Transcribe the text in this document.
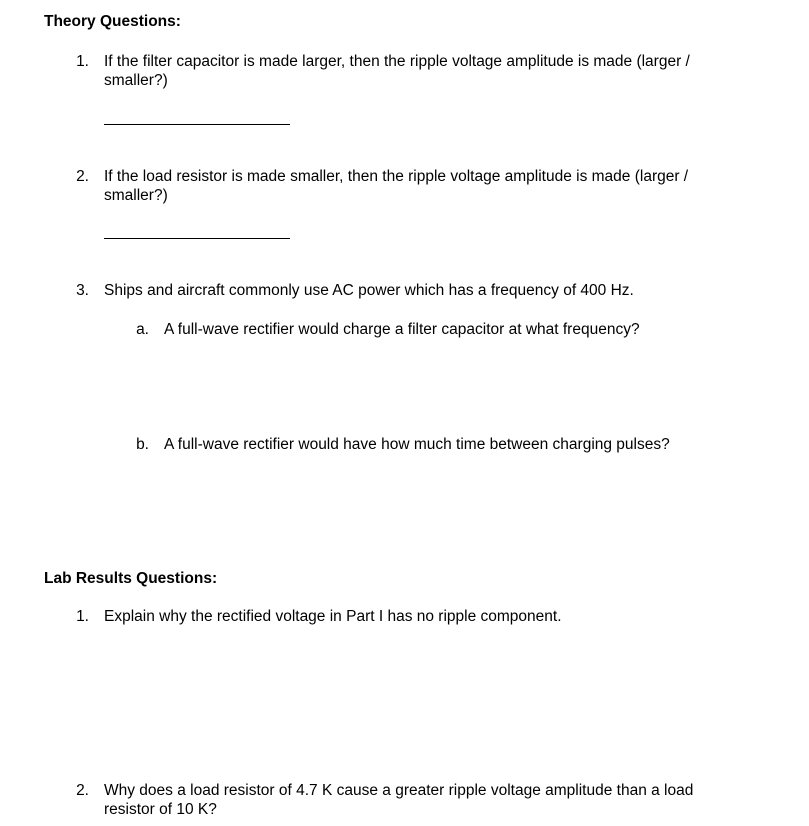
Theory Questions:
1. If the filter capacitor is made larger, then the ripple voltage amplitude is made (larger /
smaller?)
2. If the load resistor is made smaller, then the ripple voltage amplitude is made (larger /
smaller?)
3. Ships and aircraft commonly use AC power which has a frequency of 400 Hz.
a. A full-wave rectifier would charge a filter capacitor at what frequency?
b. A full-wave rectifier would have how much time between charging pulses?
Lab Results Questions:
1. Explain why the rectified voltage in Part I has no ripple component.
2. Why does a load resistor of 4.7 K cause a greater ripple voltage amplitude than a load
resistor of 10 K?
